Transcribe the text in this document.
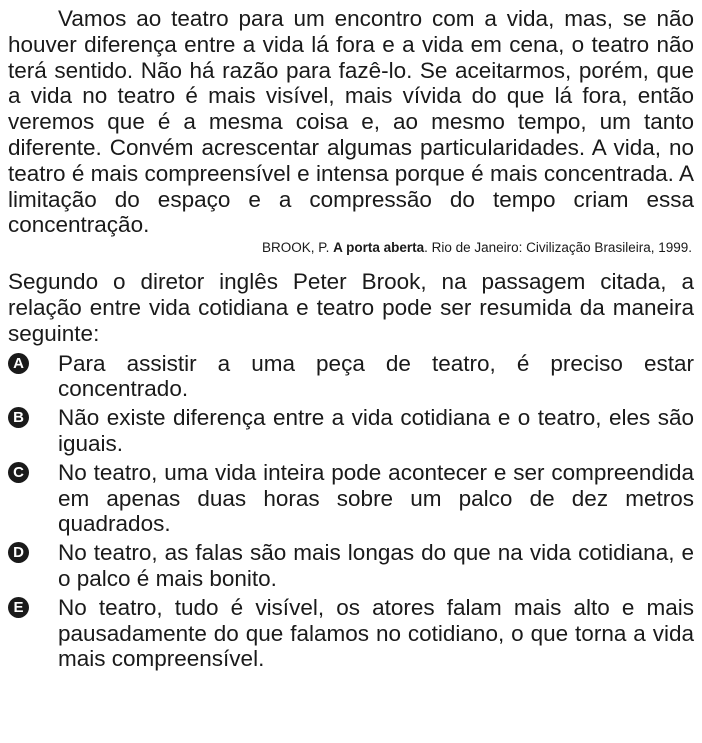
Vamos ao teatro para um encontro com a vida, mas, se não houver diferença entre a vida lá fora e a vida em cena, o teatro não terá sentido. Não há razão para fazê-lo. Se aceitarmos, porém, que a vida no teatro é mais visível, mais vívida do que lá fora, então veremos que é a mesma coisa e, ao mesmo tempo, um tanto diferente. Convém acrescentar algumas particularidades. A vida, no teatro é mais compreensível e intensa porque é mais concentrada. A limitação do espaço e a compressão do tempo criam essa concentração.

BROOK, P. A porta aberta. Rio de Janeiro: Civilização Brasileira, 1999.

Segundo o diretor inglês Peter Brook, na passagem citada, a relação entre vida cotidiana e teatro pode ser resumida da maneira seguinte:

A Para assistir a uma peça de teatro, é preciso estar concentrado.
B Não existe diferença entre a vida cotidiana e o teatro, eles são iguais.
C No teatro, uma vida inteira pode acontecer e ser compreendida em apenas duas horas sobre um palco de dez metros quadrados.
D No teatro, as falas são mais longas do que na vida cotidiana, e o palco é mais bonito.
E No teatro, tudo é visível, os atores falam mais alto e mais pausadamente do que falamos no cotidiano, o que torna a vida mais compreensível.
